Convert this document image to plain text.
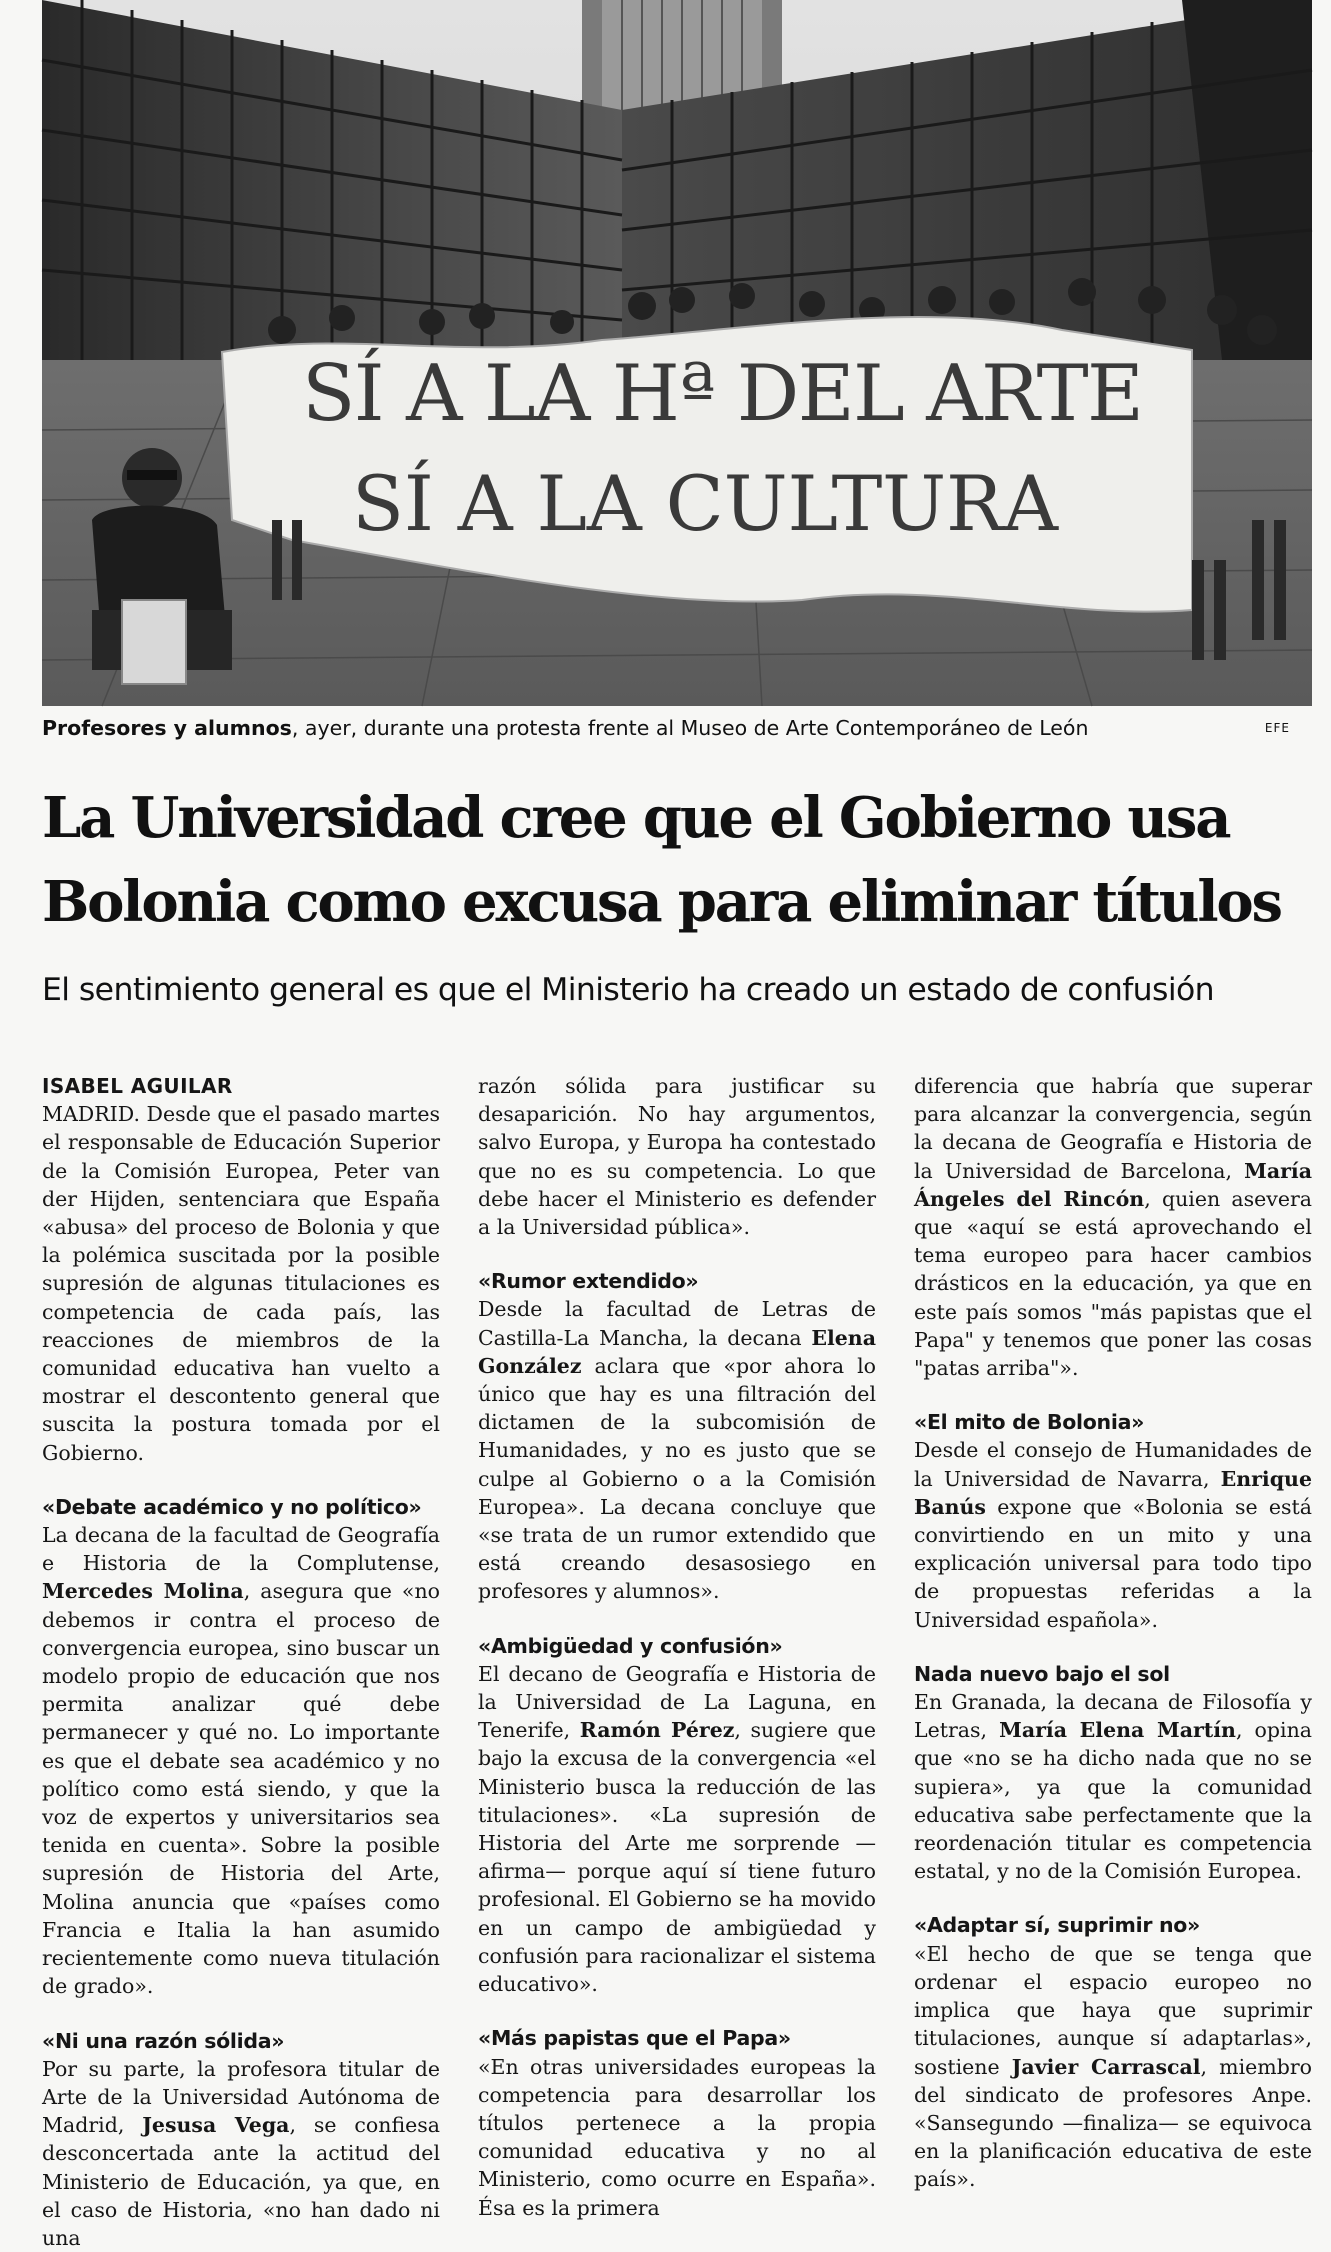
SÍ A LA Hª DEL ARTE
SÍ A LA CULTURA
Profesores y alumnos, ayer, durante una protesta frente al Museo de Arte Contemporáneo de León	EFE
La Universidad cree que el Gobierno usa
Bolonia como excusa para eliminar títulos
El sentimiento general es que el Ministerio ha creado un estado de confusión
ISABEL AGUILAR

MADRID. Desde que el pasado martes el responsable de Educación Superior de la Comisión Europea, Peter van der Hijden, sentenciara que España «abusa» del proceso de Bolonia y que la polémica suscitada por la posible supresión de algunas titulaciones es competencia de cada país, las reacciones de miembros de la comunidad educativa han vuelto a mostrar el descontento general que suscita la postura tomada por el Gobierno.

«Debate académico y no político»

La decana de la facultad de Geografía e Historia de la Complutense, Mercedes Molina, asegura que «no debemos ir contra el proceso de convergencia europea, sino buscar un modelo propio de educación que nos permita analizar qué debe permanecer y qué no. Lo importante es que el debate sea académico y no político como está siendo, y que la voz de expertos y universitarios sea tenida en cuenta». Sobre la posible supresión de Historia del Arte, Molina anuncia que «países como Francia e Italia la han asumido recientemente como nueva titulación de grado».

«Ni una razón sólida»

Por su parte, la profesora titular de Arte de la Universidad Autónoma de Madrid, Jesusa Vega, se confiesa desconcertada ante la actitud del Ministerio de Educación, ya que, en el caso de Historia, «no han dado ni una

razón sólida para justificar su desaparición. No hay argumentos, salvo Europa, y Europa ha contestado que no es su competencia. Lo que debe hacer el Ministerio es defender a la Universidad pública».

«Rumor extendido»

Desde la facultad de Letras de Castilla-La Mancha, la decana Elena González aclara que «por ahora lo único que hay es una filtración del dictamen de la subcomisión de Humanidades, y no es justo que se culpe al Gobierno o a la Comisión Europea». La decana concluye que «se trata de un rumor extendido que está creando desasosiego en profesores y alumnos».

«Ambigüedad y confusión»

El decano de Geografía e Historia de la Universidad de La Laguna, en Tenerife, Ramón Pérez, sugiere que bajo la excusa de la convergencia «el Ministerio busca la reducción de las titulaciones». «La supresión de Historia del Arte me sorprende —afirma— porque aquí sí tiene futuro profesional. El Gobierno se ha movido en un campo de ambigüedad y confusión para racionalizar el sistema educativo».

«Más papistas que el Papa»

«En otras universidades europeas la competencia para desarrollar los títulos pertenece a la propia comunidad educativa y no al Ministerio, como ocurre en España». Ésa es la primera

diferencia que habría que superar para alcanzar la convergencia, según la decana de Geografía e Historia de la Universidad de Barcelona, María Ángeles del Rincón, quien asevera que «aquí se está aprovechando el tema europeo para hacer cambios drásticos en la educación, ya que en este país somos "más papistas que el Papa" y tenemos que poner las cosas "patas arriba"».

«El mito de Bolonia»

Desde el consejo de Humanidades de la Universidad de Navarra, Enrique Banús expone que «Bolonia se está convirtiendo en un mito y una explicación universal para todo tipo de propuestas referidas a la Universidad española».

Nada nuevo bajo el sol

En Granada, la decana de Filosofía y Letras, María Elena Martín, opina que «no se ha dicho nada que no se supiera», ya que la comunidad educativa sabe perfectamente que la reordenación titular es competencia estatal, y no de la Comisión Europea.

«Adaptar sí, suprimir no»

«El hecho de que se tenga que ordenar el espacio europeo no implica que haya que suprimir titulaciones, aunque sí adaptarlas», sostiene Javier Carrascal, miembro del sindicato de profesores Anpe. «Sansegundo —finaliza— se equivoca en la planificación educativa de este país».
